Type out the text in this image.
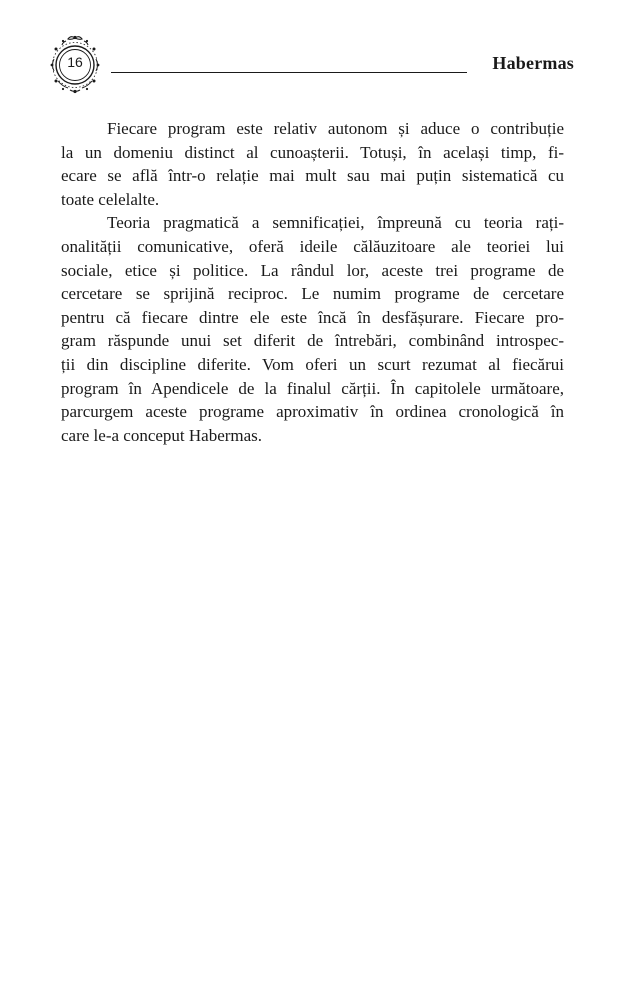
16	Habermas
Fiecare program este relativ autonom și aduce o contribuție
la un domeniu distinct al cunoașterii. Totuși, în același timp, fi-
ecare se află într-o relație mai mult sau mai puțin sistematică cu
toate celelalte.
Teoria pragmatică a semnificației, împreună cu teoria rați-
onalității comunicative, oferă ideile călăuzitoare ale teoriei lui
sociale, etice și politice. La rândul lor, aceste trei programe de
cercetare se sprijină reciproc. Le numim programe de cercetare
pentru că fiecare dintre ele este încă în desfășurare. Fiecare pro-
gram răspunde unui set diferit de întrebări, combinând introspec-
ții din discipline diferite. Vom oferi un scurt rezumat al fiecărui
program în Apendicele de la finalul cărții. În capitolele următoare,
parcurgem aceste programe aproximativ în ordinea cronologică în
care le-a conceput Habermas.
